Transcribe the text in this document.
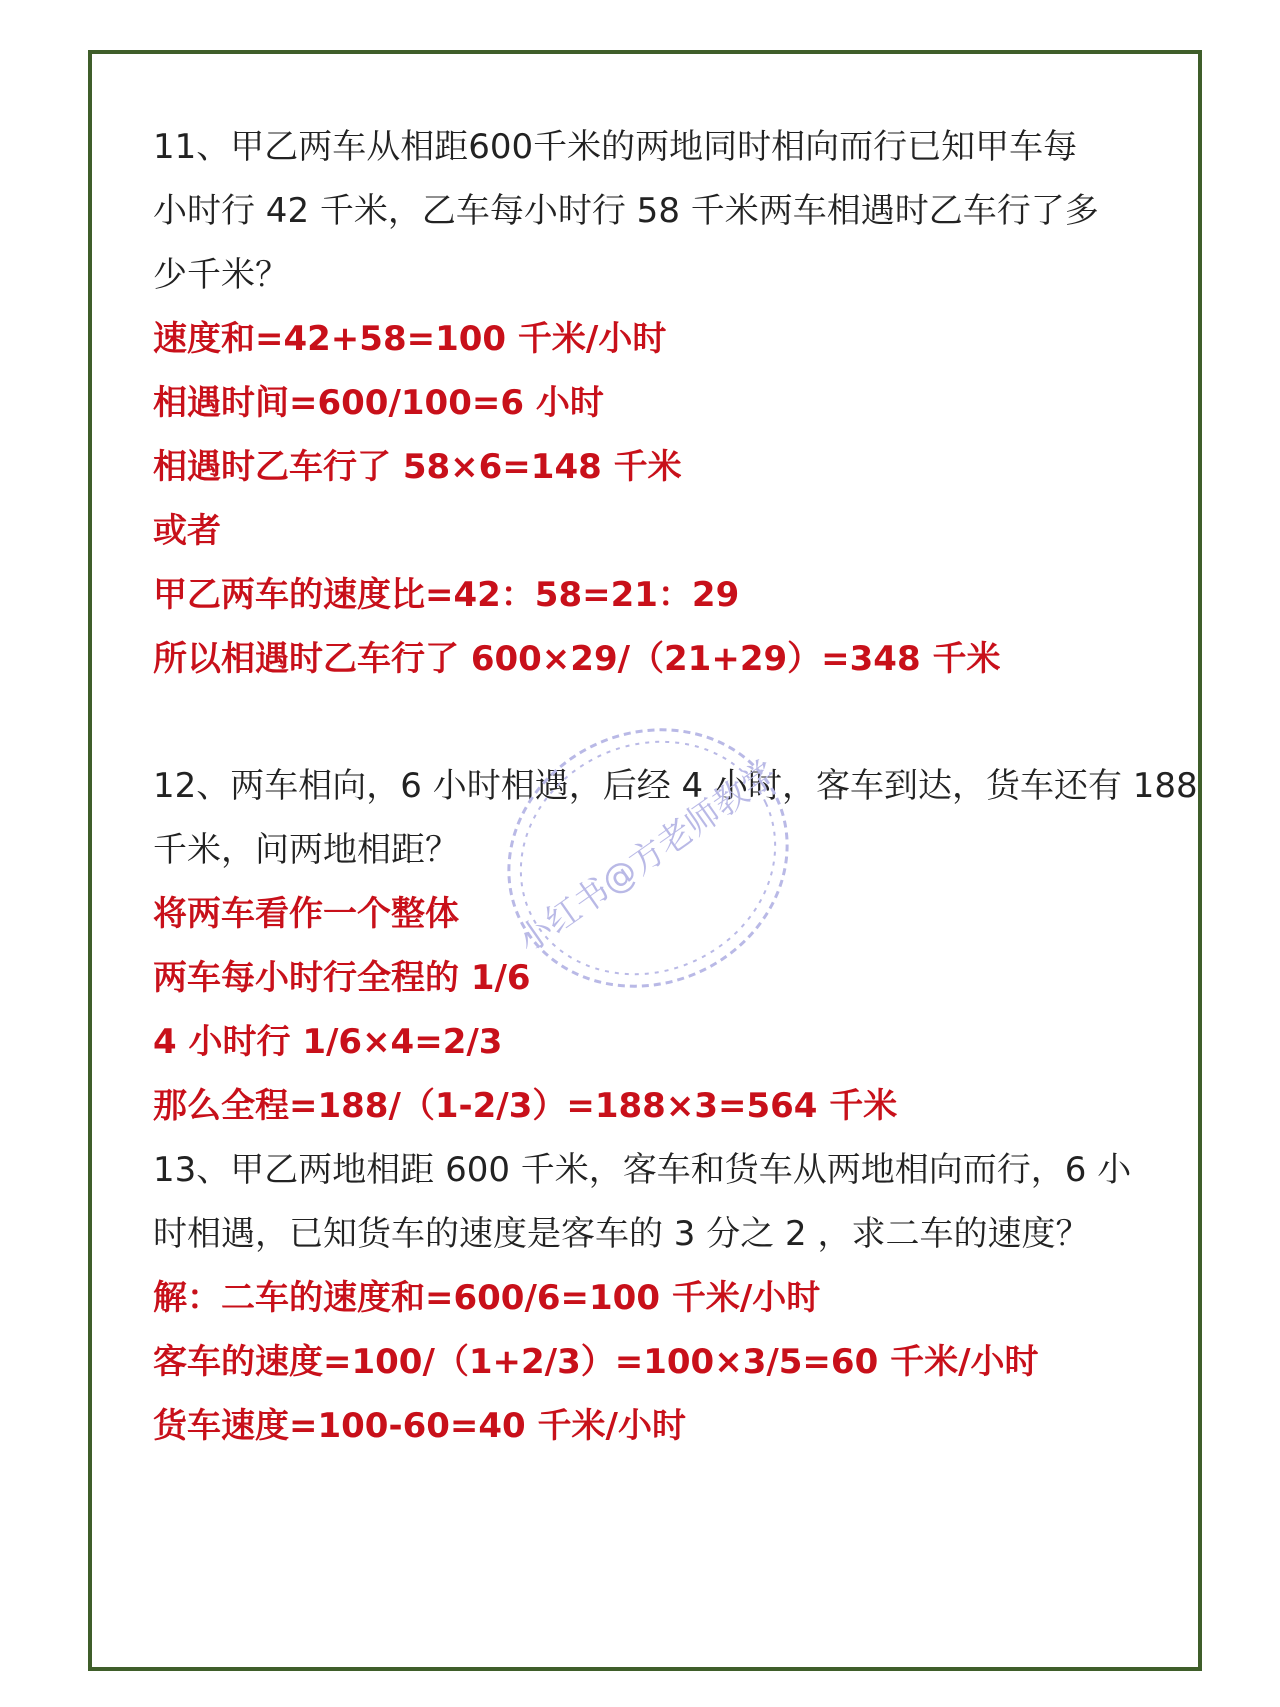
11、甲乙两车从相距600千米的两地同时相向而行已知甲车每
小时行 42 千米，乙车每小时行 58 千米两车相遇时乙车行了多
少千米？
速度和=42+58=100 千米/小时
相遇时间=600/100=6 小时
相遇时乙车行了 58×6=148 千米
或者
甲乙两车的速度比=42：58=21：29
所以相遇时乙车行了 600×29/（21+29）=348 千米
12、两车相向，6 小时相遇，后经 4 小时，客车到达，货车还有 188
千米，问两地相距？
将两车看作一个整体
两车每小时行全程的 1/6
4 小时行 1/6×4=2/3
那么全程=188/（1-2/3）=188×3=564 千米
13、甲乙两地相距 600 千米，客车和货车从两地相向而行，6 小
时相遇，已知货车的速度是客车的 3 分之 2 ，求二车的速度？
解：二车的速度和=600/6=100 千米/小时
客车的速度=100/（1+2/3）=100×3/5=60 千米/小时
货车速度=100-60=40 千米/小时
小红书@方老师教学
